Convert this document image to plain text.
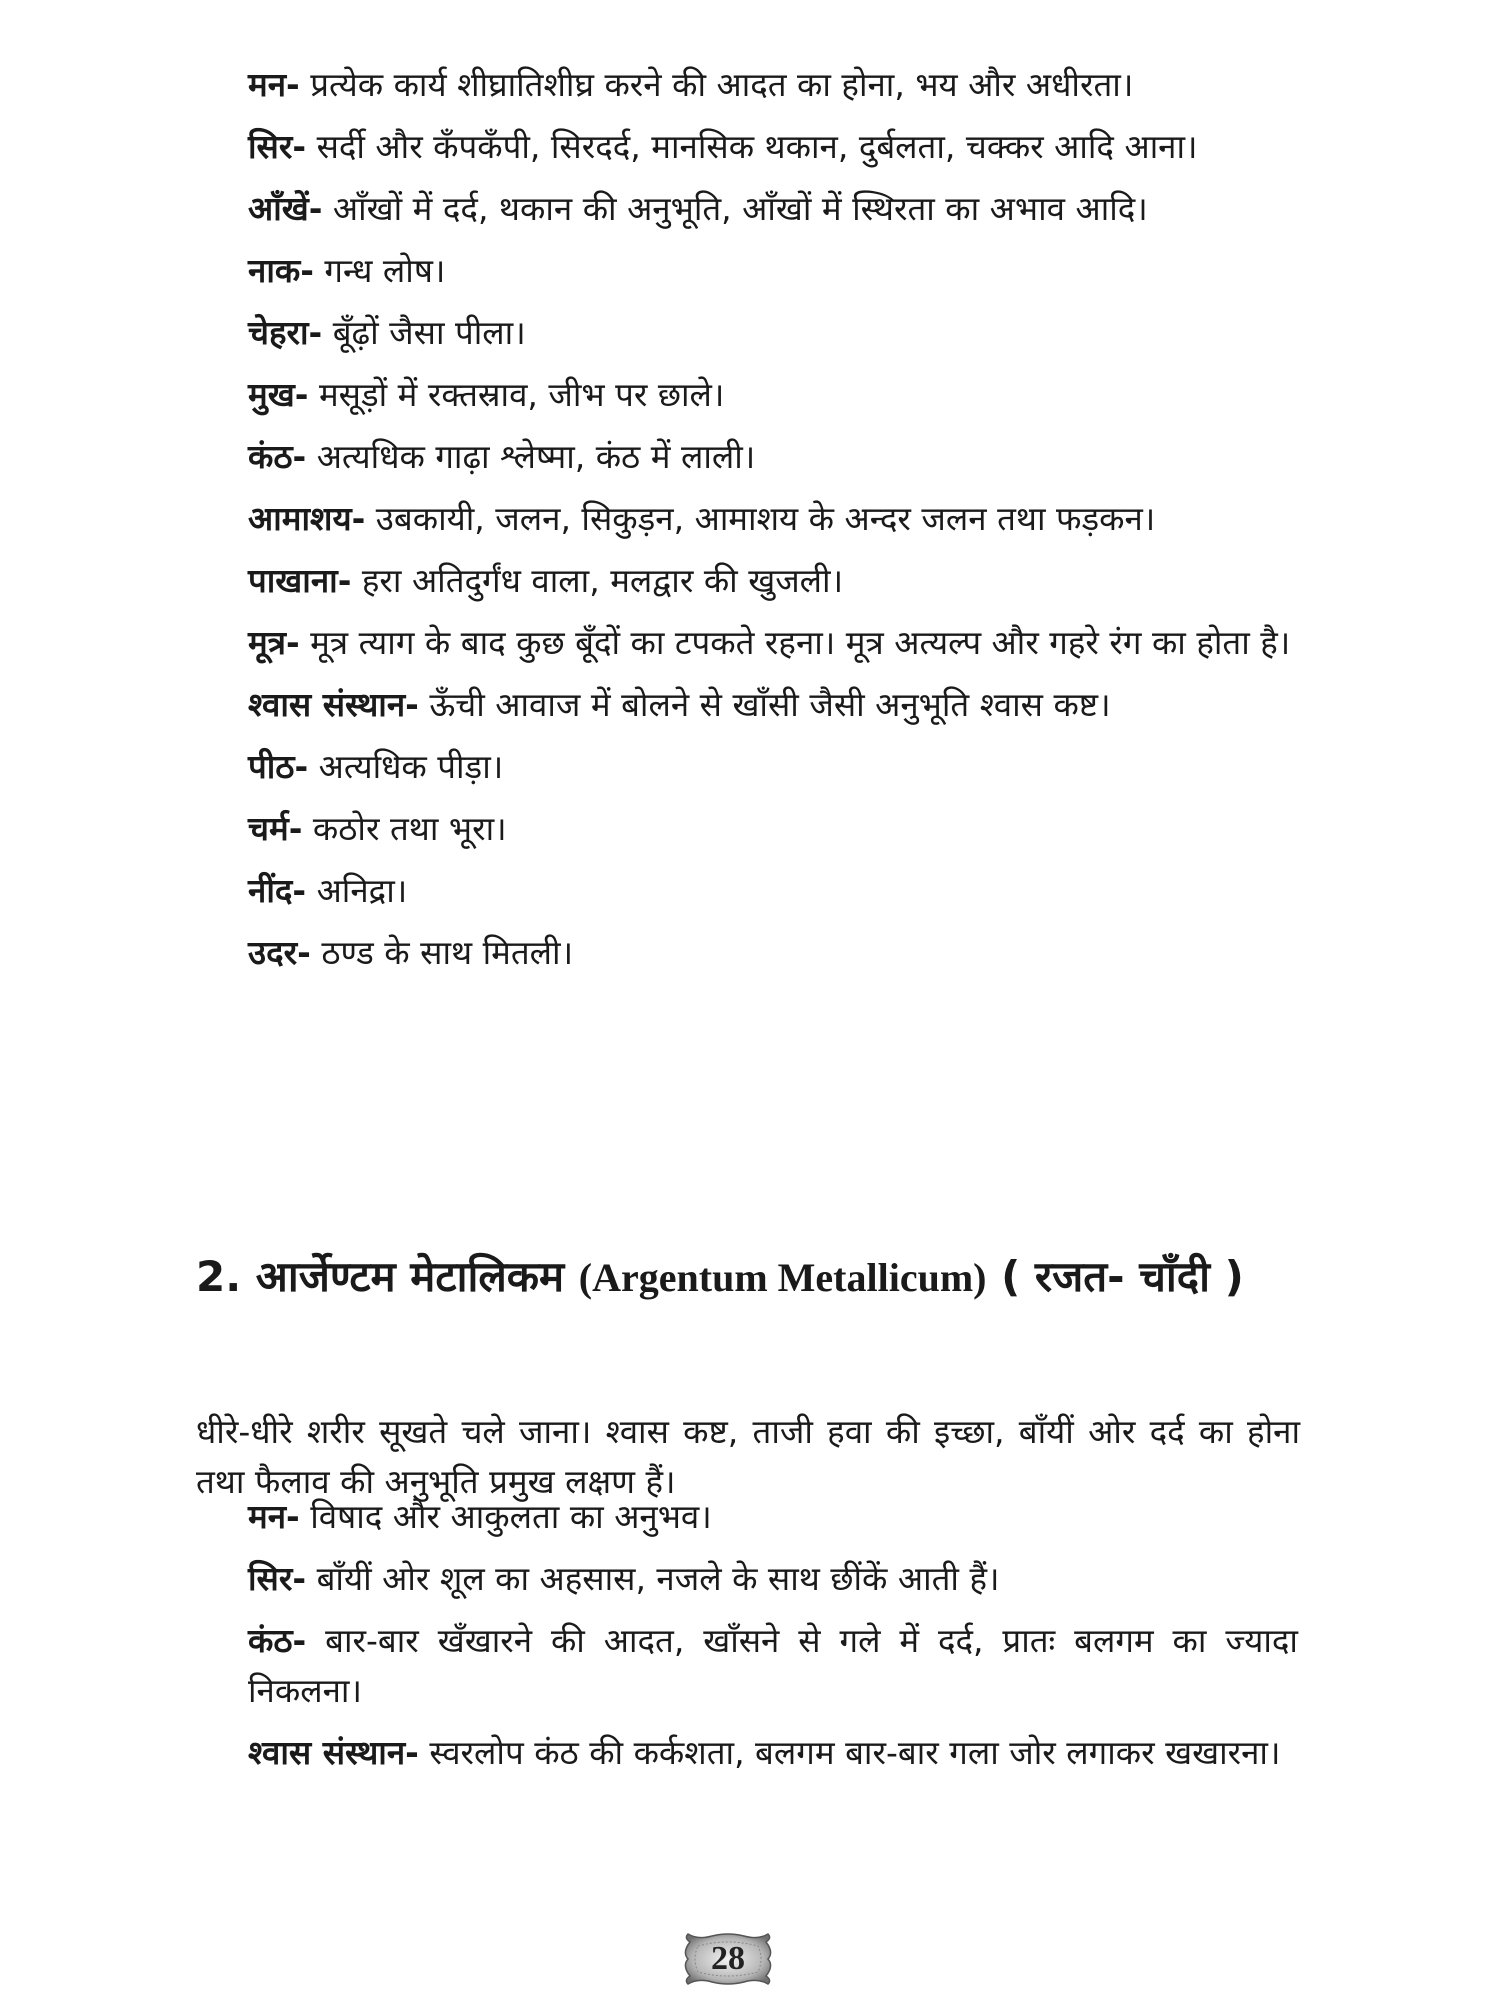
मन- प्रत्येक कार्य शीघ्रातिशीघ्र करने की आदत का होना, भय और अधीरता।

सिर- सर्दी और कँपकँपी, सिरदर्द, मानसिक थकान, दुर्बलता, चक्कर आदि आना।

आँखें- आँखों में दर्द, थकान की अनुभूति, आँखों में स्थिरता का अभाव आदि।

नाक- गन्ध लोष।

चेहरा- बूँढ़ों जैसा पीला।

मुख- मसूड़ों में रक्तस्राव, जीभ पर छाले।

कंठ- अत्यधिक गाढ़ा श्लेष्मा, कंठ में लाली।

आमाशय- उबकायी, जलन, सिकुड़न, आमाशय के अन्दर जलन तथा फड़कन।

पाखाना- हरा अतिदुर्गंध वाला, मलद्वार की खुजली।

मूत्र- मूत्र त्याग के बाद कुछ बूँदों का टपकते रहना। मूत्र अत्यल्प और गहरे रंग का होता है।

श्वास संस्थान- ऊँची आवाज में बोलने से खाँसी जैसी अनुभूति श्वास कष्ट।

पीठ- अत्यधिक पीड़ा।

चर्म- कठोर तथा भूरा।

नींद- अनिद्रा।

उदर- ठण्ड के साथ मितली।

2. आर्जेण्टम मेटालिकम (Argentum Metallicum) ( रजत- चाँदी )

धीरे-धीरे शरीर सूखते चले जाना। श्वास कष्ट, ताजी हवा की इच्छा, बाँयीं ओर दर्द का होना तथा फैलाव की अनुभूति प्रमुख लक्षण हैं।

मन- विषाद और आकुलता का अनुभव।

सिर- बाँयीं ओर शूल का अहसास, नजले के साथ छींकें आती हैं।

कंठ- बार-बार खँखारने की आदत, खाँसने से गले में दर्द, प्रातः बलगम का ज्यादा निकलना।

श्वास संस्थान- स्वरलोप कंठ की कर्कशता, बलगम बार-बार गला जोर लगाकर खखारना।

28
